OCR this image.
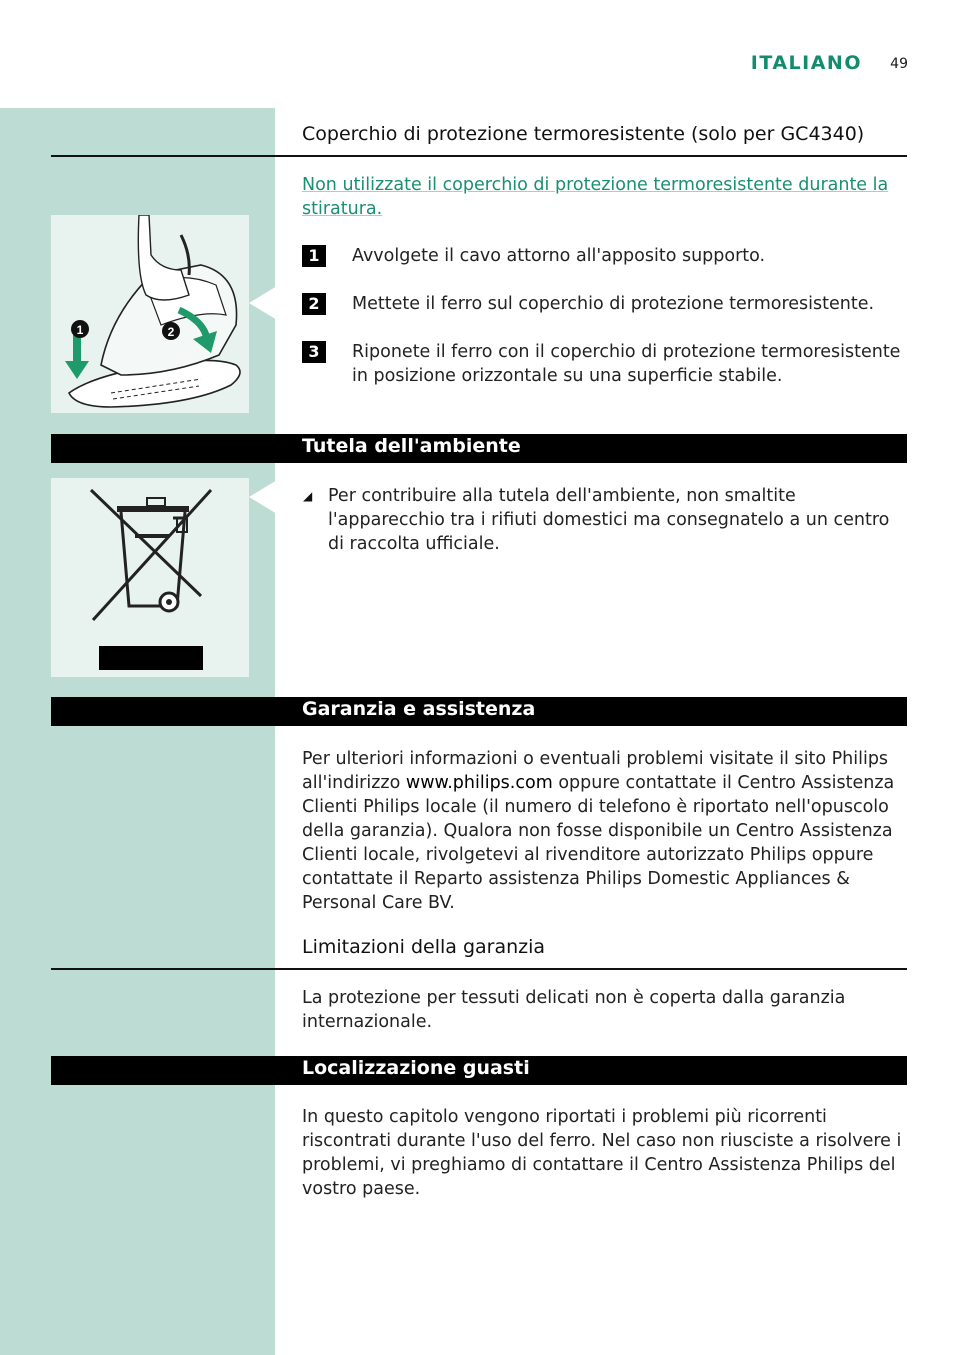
ITALIANO 49
Coperchio di protezione termoresistente (solo per GC4340)
Non utilizzate il coperchio di protezione termoresistente durante la stiratura.
1	Avvolgete il cavo attorno all'apposito supporto.
2	Mettete il ferro sul coperchio di protezione termoresistente.
3	Riponete il ferro con il coperchio di protezione termoresistente in posizione orizzontale su una superficie stabile.
1	2
Tutela dell'ambiente
◢ Per contribuire alla tutela dell'ambiente, non smaltite l'apparecchio tra i rifiuti domestici ma consegnatelo a un centro di raccolta ufficiale.
Garanzia e assistenza
Per ulteriori informazioni o eventuali problemi visitate il sito Philips all'indirizzo www.philips.com oppure contattate il Centro Assistenza Clienti Philips locale (il numero di telefono è riportato nell'opuscolo della garanzia). Qualora non fosse disponibile un Centro Assistenza Clienti locale, rivolgetevi al rivenditore autorizzato Philips oppure contattate il Reparto assistenza Philips Domestic Appliances & Personal Care BV.
Limitazioni della garanzia
La protezione per tessuti delicati non è coperta dalla garanzia internazionale.
Localizzazione guasti
In questo capitolo vengono riportati i problemi più ricorrenti riscontrati durante l'uso del ferro. Nel caso non riusciste a risolvere i problemi, vi preghiamo di contattare il Centro Assistenza Philips del vostro paese.
